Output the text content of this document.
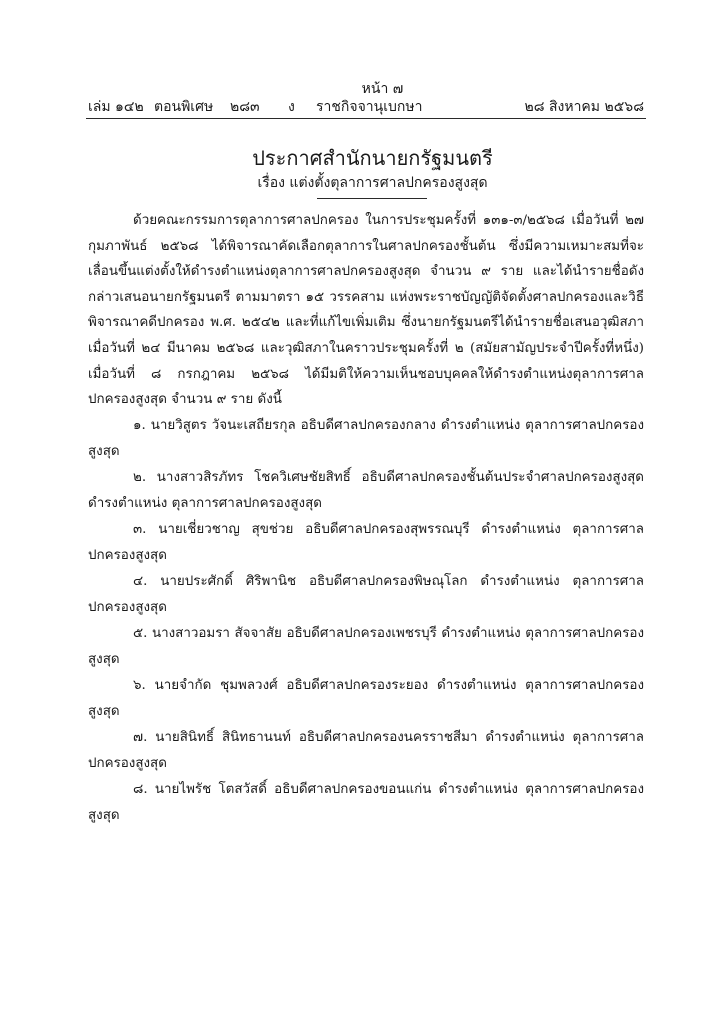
หน้า ๗
เล่ม ๑๔๒ ตอนพิเศษ ๒๘๓ ง ราชกิจจานุเบกษา	๒๘ สิงหาคม ๒๕๖๘
ประกาศสำนักนายกรัฐมนตรี
เรื่อง แต่งตั้งตุลาการศาลปกครองสูงสุด

ด้วยคณะกรรมการตุลาการศาลปกครอง ในการประชุมครั้งที่ ๑๓๑-๓/๒๕๖๘ เมื่อวันที่ ๒๗ กุมภาพันธ์ ๒๕๖๘ ได้พิจารณาคัดเลือกตุลาการในศาลปกครองชั้นต้น ซึ่งมีความเหมาะสมที่จะเลื่อนขึ้นแต่งตั้งให้ดำรงตำแหน่งตุลาการศาลปกครองสูงสุด จำนวน ๙ ราย และได้นำรายชื่อดังกล่าวเสนอนายกรัฐมนตรี ตามมาตรา ๑๕ วรรคสาม แห่งพระราชบัญญัติจัดตั้งศาลปกครองและวิธีพิจารณาคดีปกครอง พ.ศ. ๒๕๔๒ และที่แก้ไขเพิ่มเติม ซึ่งนายกรัฐมนตรีได้นำรายชื่อเสนอวุฒิสภา เมื่อวันที่ ๒๔ มีนาคม ๒๕๖๘ และวุฒิสภาในคราวประชุมครั้งที่ ๒ (สมัยสามัญประจำปีครั้งที่หนึ่ง) เมื่อวันที่ ๘ กรกฎาคม ๒๕๖๘ ได้มีมติให้ความเห็นชอบบุคคลให้ดำรงตำแหน่งตุลาการศาลปกครองสูงสุด จำนวน ๙ ราย ดังนี้

๑. นายวิสูตร วัจนะเสถียรกุล อธิบดีศาลปกครองกลาง ดำรงตำแหน่ง ตุลาการศาลปกครองสูงสุด
๒. นางสาวสิรภัทร โชควิเศษชัยสิทธิ์ อธิบดีศาลปกครองชั้นต้นประจำศาลปกครองสูงสุด ดำรงตำแหน่ง ตุลาการศาลปกครองสูงสุด
๓. นายเชี่ยวชาญ สุขช่วย อธิบดีศาลปกครองสุพรรณบุรี ดำรงตำแหน่ง ตุลาการศาลปกครองสูงสุด
๔. นายประศักดิ์ ศิริพานิช อธิบดีศาลปกครองพิษณุโลก ดำรงตำแหน่ง ตุลาการศาลปกครองสูงสุด
๕. นางสาวอมรา สัจจาสัย อธิบดีศาลปกครองเพชรบุรี ดำรงตำแหน่ง ตุลาการศาลปกครองสูงสุด
๖. นายจำกัด ชุมพลวงศ์ อธิบดีศาลปกครองระยอง ดำรงตำแหน่ง ตุลาการศาลปกครองสูงสุด
๗. นายสินิทธิ์ สินิทธานนท์ อธิบดีศาลปกครองนครราชสีมา ดำรงตำแหน่ง ตุลาการศาลปกครองสูงสุด
๘. นายไพรัช โตสวัสดิ์ อธิบดีศาลปกครองขอนแก่น ดำรงตำแหน่ง ตุลาการศาลปกครองสูงสุด
